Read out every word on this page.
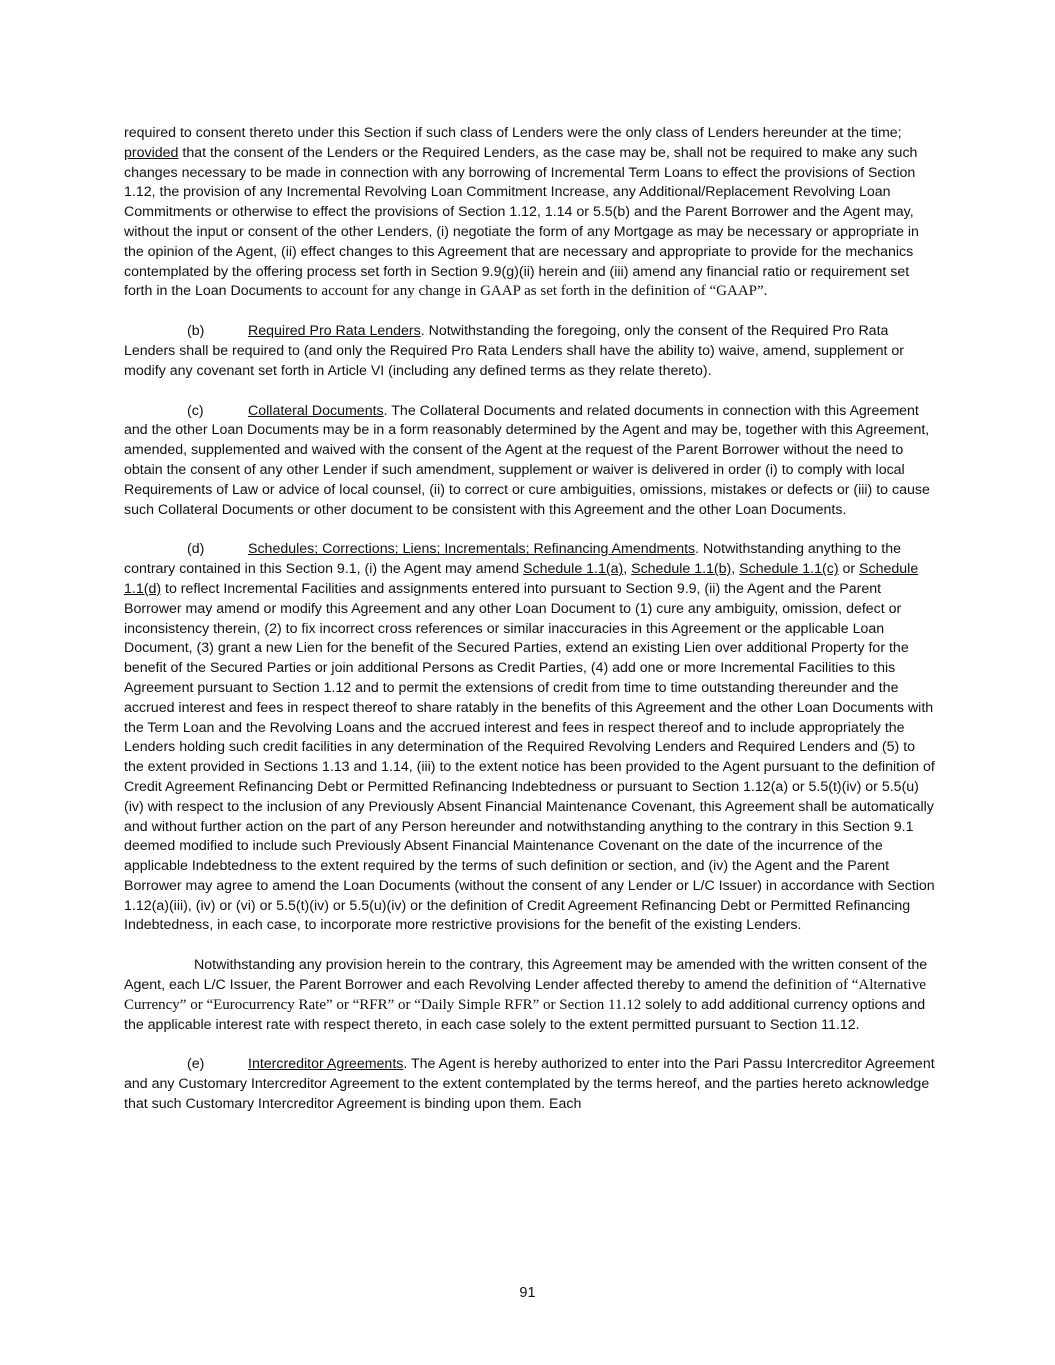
required to consent thereto under this Section if such class of Lenders were the only class of Lenders hereunder at the time; provided that the consent of the Lenders or the Required Lenders, as the case may be, shall not be required to make any such changes necessary to be made in connection with any borrowing of Incremental Term Loans to effect the provisions of Section 1.12, the provision of any Incremental Revolving Loan Commitment Increase, any Additional/Replacement Revolving Loan Commitments or otherwise to effect the provisions of Section 1.12, 1.14 or 5.5(b) and the Parent Borrower and the Agent may, without the input or consent of the other Lenders, (i) negotiate the form of any Mortgage as may be necessary or appropriate in the opinion of the Agent, (ii) effect changes to this Agreement that are necessary and appropriate to provide for the mechanics contemplated by the offering process set forth in Section 9.9(g)(ii) herein and (iii) amend any financial ratio or requirement set forth in the Loan Documents to account for any change in GAAP as set forth in the definition of “GAAP”.

(b)	Required Pro Rata Lenders. Notwithstanding the foregoing, only the consent of the Required Pro Rata Lenders shall be required to (and only the Required Pro Rata Lenders shall have the ability to) waive, amend, supplement or modify any covenant set forth in Article VI (including any defined terms as they relate thereto).

(c)	Collateral Documents. The Collateral Documents and related documents in connection with this Agreement and the other Loan Documents may be in a form reasonably determined by the Agent and may be, together with this Agreement, amended, supplemented and waived with the consent of the Agent at the request of the Parent Borrower without the need to obtain the consent of any other Lender if such amendment, supplement or waiver is delivered in order (i) to comply with local Requirements of Law or advice of local counsel, (ii) to correct or cure ambiguities, omissions, mistakes or defects or (iii) to cause such Collateral Documents or other document to be consistent with this Agreement and the other Loan Documents.

(d)	Schedules; Corrections; Liens; Incrementals; Refinancing Amendments. Notwithstanding anything to the contrary contained in this Section 9.1, (i) the Agent may amend Schedule 1.1(a), Schedule 1.1(b), Schedule 1.1(c) or Schedule 1.1(d) to reflect Incremental Facilities and assignments entered into pursuant to Section 9.9, (ii) the Agent and the Parent Borrower may amend or modify this Agreement and any other Loan Document to (1) cure any ambiguity, omission, defect or inconsistency therein, (2) to fix incorrect cross references or similar inaccuracies in this Agreement or the applicable Loan Document, (3) grant a new Lien for the benefit of the Secured Parties, extend an existing Lien over additional Property for the benefit of the Secured Parties or join additional Persons as Credit Parties, (4) add one or more Incremental Facilities to this Agreement pursuant to Section 1.12 and to permit the extensions of credit from time to time outstanding thereunder and the accrued interest and fees in respect thereof to share ratably in the benefits of this Agreement and the other Loan Documents with the Term Loan and the Revolving Loans and the accrued interest and fees in respect thereof and to include appropriately the Lenders holding such credit facilities in any determination of the Required Revolving Lenders and Required Lenders and (5) to the extent provided in Sections 1.13 and 1.14, (iii) to the extent notice has been provided to the Agent pursuant to the definition of Credit Agreement Refinancing Debt or Permitted Refinancing Indebtedness or pursuant to Section 1.12(a) or 5.5(t)(iv) or 5.5(u)(iv) with respect to the inclusion of any Previously Absent Financial Maintenance Covenant, this Agreement shall be automatically and without further action on the part of any Person hereunder and notwithstanding anything to the contrary in this Section 9.1 deemed modified to include such Previously Absent Financial Maintenance Covenant on the date of the incurrence of the applicable Indebtedness to the extent required by the terms of such definition or section, and (iv) the Agent and the Parent Borrower may agree to amend the Loan Documents (without the consent of any Lender or L/C Issuer) in accordance with Section 1.12(a)(iii), (iv) or (vi) or 5.5(t)(iv) or 5.5(u)(iv) or the definition of Credit Agreement Refinancing Debt or Permitted Refinancing Indebtedness, in each case, to incorporate more restrictive provisions for the benefit of the existing Lenders.

Notwithstanding any provision herein to the contrary, this Agreement may be amended with the written consent of the Agent, each L/C Issuer, the Parent Borrower and each Revolving Lender affected thereby to amend the definition of “Alternative Currency” or “Eurocurrency Rate” or “RFR” or “Daily Simple RFR” or Section 11.12 solely to add additional currency options and the applicable interest rate with respect thereto, in each case solely to the extent permitted pursuant to Section 11.12.

(e)	Intercreditor Agreements. The Agent is hereby authorized to enter into the Pari Passu Intercreditor Agreement and any Customary Intercreditor Agreement to the extent contemplated by the terms hereof, and the parties hereto acknowledge that such Customary Intercreditor Agreement is binding upon them. Each

91
